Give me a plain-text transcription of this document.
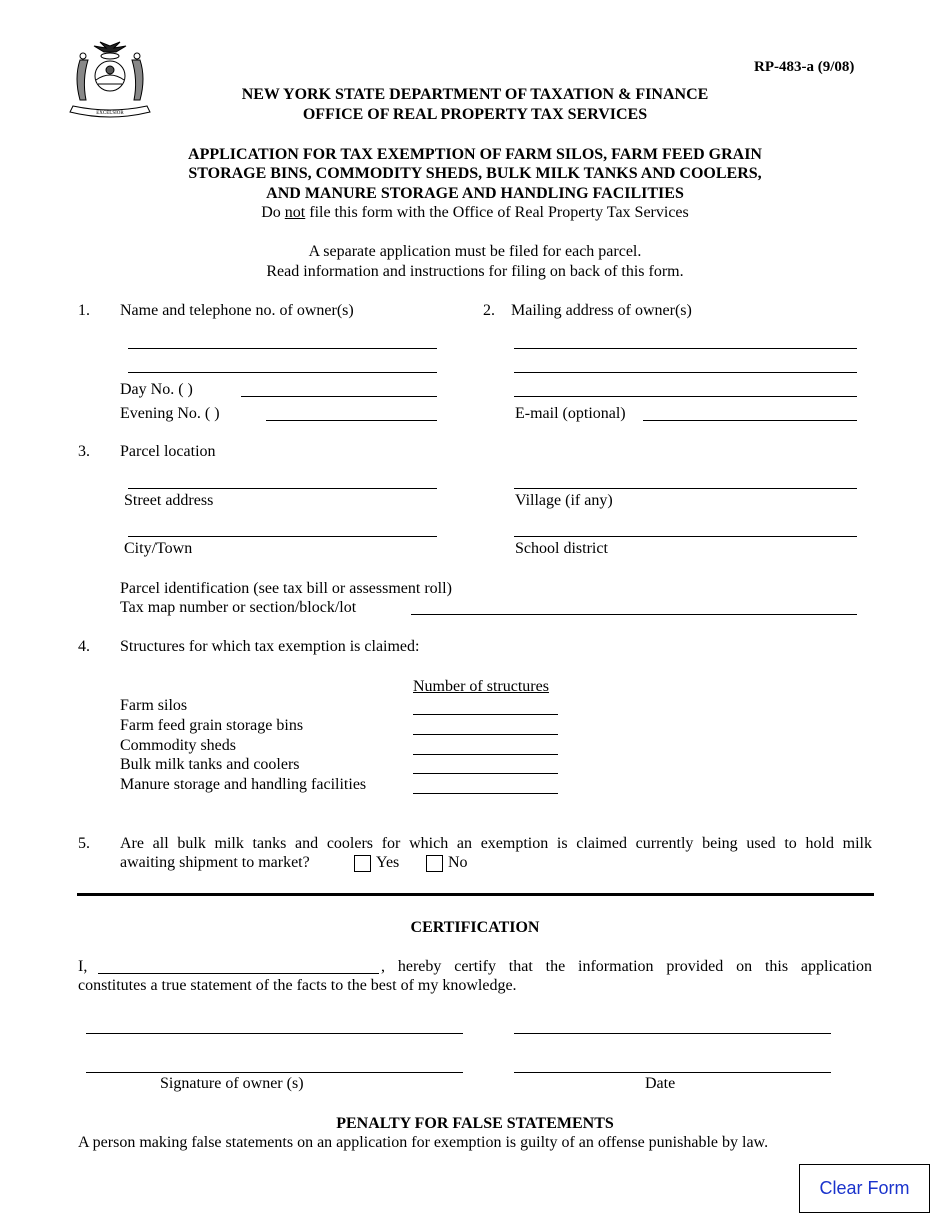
EXCELSIOR
RP-483-a (9/08)
NEW YORK STATE DEPARTMENT OF TAXATION & FINANCE
OFFICE OF REAL PROPERTY TAX SERVICES
APPLICATION FOR TAX EXEMPTION OF FARM SILOS, FARM FEED GRAIN
STORAGE BINS, COMMODITY SHEDS, BULK MILK TANKS AND COOLERS,
AND MANURE STORAGE AND HANDLING FACILITIES
Do not file this form with the Office of Real Property Tax Services
A separate application must be filed for each parcel.
Read information and instructions for filing on back of this form.
1. Name and telephone no. of owner(s)
Day No. ( )
Evening No. ( )
2. Mailing address of owner(s)
E-mail (optional)
3. Parcel location
Street address	Village (if any)
City/Town	School district
Parcel identification (see tax bill or assessment roll)
Tax map number or section/block/lot
4. Structures for which tax exemption is claimed:
Number of structures
Farm silos
Farm feed grain storage bins
Commodity sheds
Bulk milk tanks and coolers
Manure storage and handling facilities
5. Are all bulk milk tanks and coolers for which an exemption is claimed currently being used to hold milk
awaiting shipment to market?	Yes	No
CERTIFICATION
I,	, hereby certify that the information provided on this application
constitutes a true statement of the facts to the best of my knowledge.
Signature of owner (s)	Date
PENALTY FOR FALSE STATEMENTS
A person making false statements on an application for exemption is guilty of an offense punishable by law.
Clear Form
